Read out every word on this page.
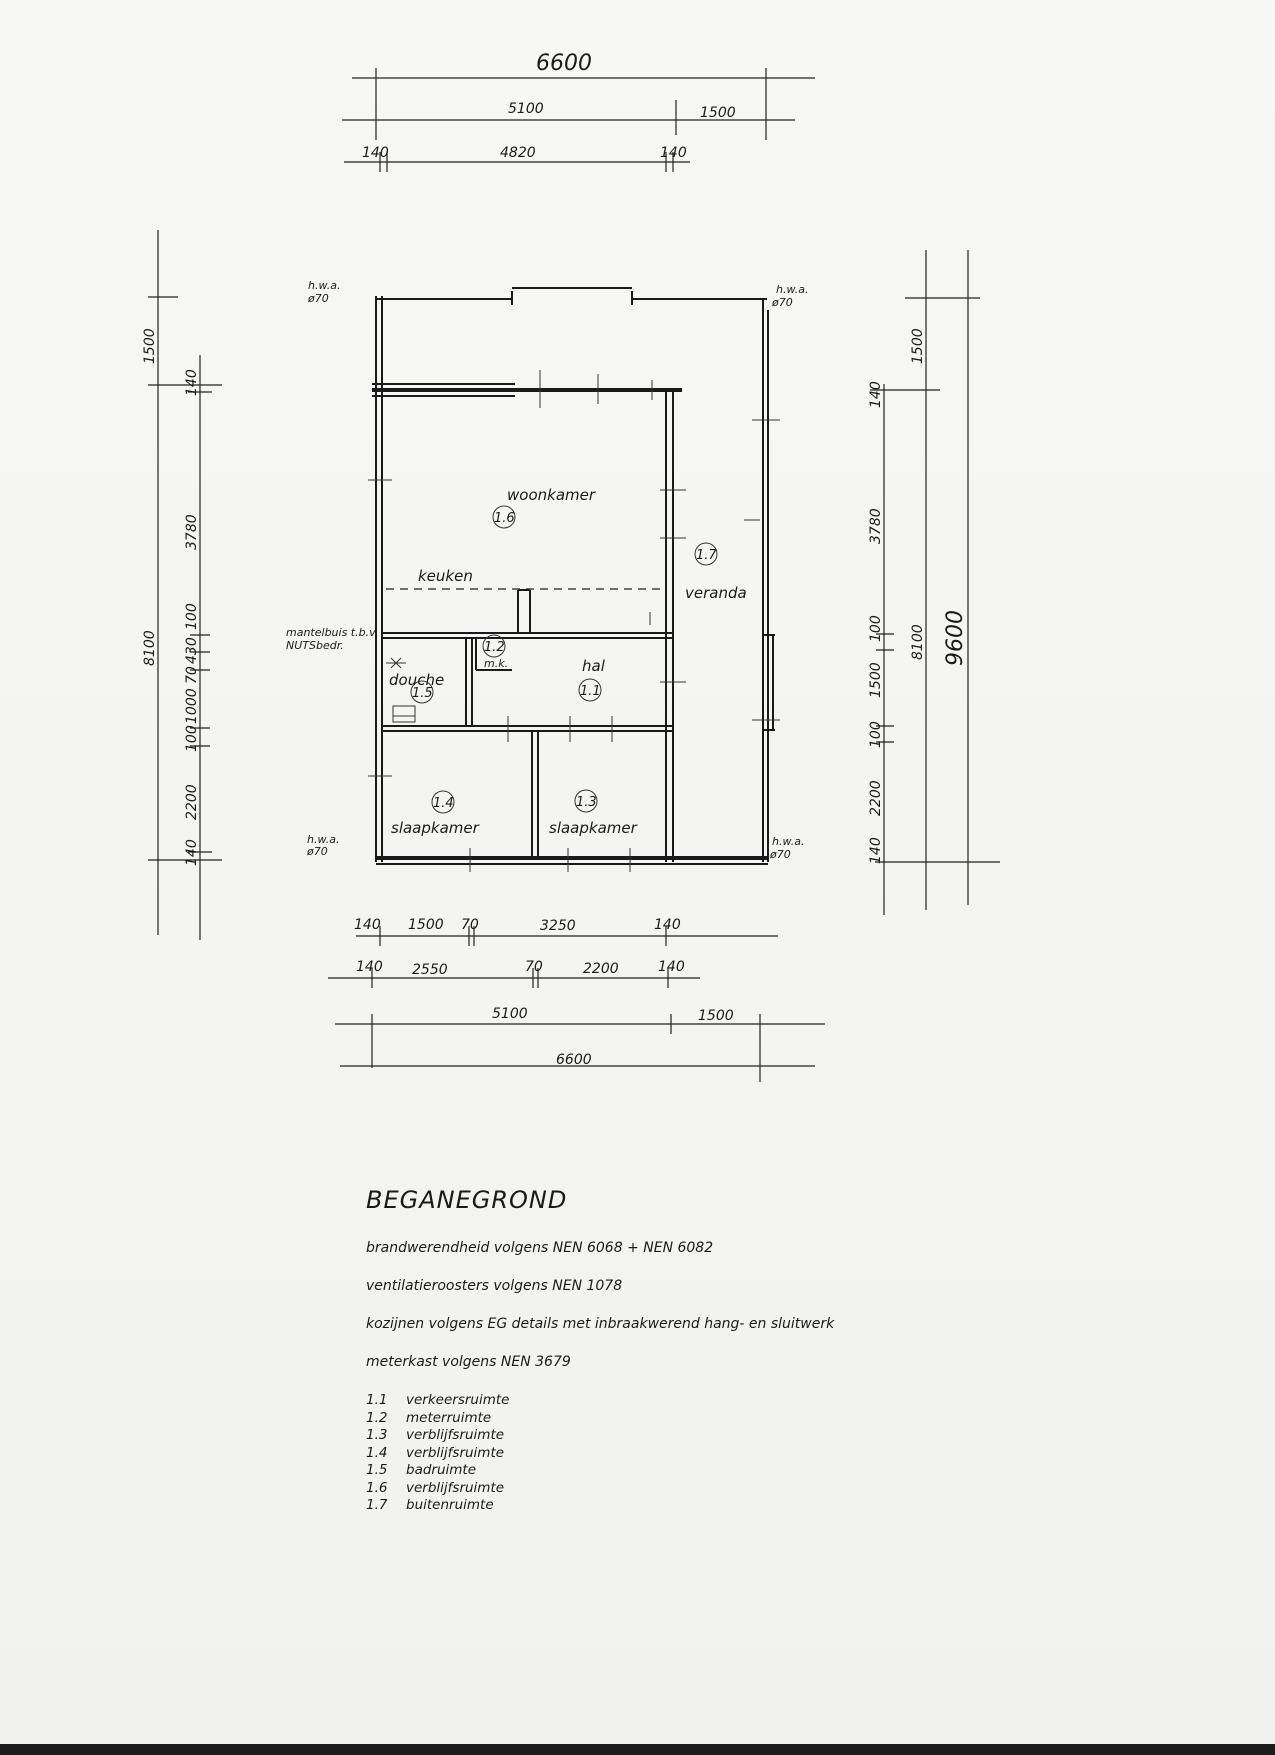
6600
5100	1500
140	4820	140
1500
8100
140
3780
100
430
70
1000
100
2200
140
1500
140
3780
8100 9600
100
1500
100
2200
140
140 1500 70	3250	140
140 2550	70	2200	140
5100	1500
6600
h.w.a.
ø70
h.w.a.
ø70
h.w.a.
ø70
h.w.a.
ø70
mantelbuis t.b.v.
NUTSbedr.
woonkamer
1.6
keuken
1.7
veranda
hal
1.1
1.2
m.k.
douche
1.5
1.4
slaapkamer
1.3
slaapkamer
BEGANEGROND

brandwerendheid volgens NEN 6068 + NEN 6082

ventilatieroosters volgens NEN 1078

kozijnen volgens EG details met inbraakwerend hang- en sluitwerk

meterkast volgens NEN 3679

1.1	verkeersruimte
1.2	meterruimte
1.3	verblijfsruimte
1.4	verblijfsruimte
1.5	badruimte
1.6	verblijfsruimte
1.7	buitenruimte
